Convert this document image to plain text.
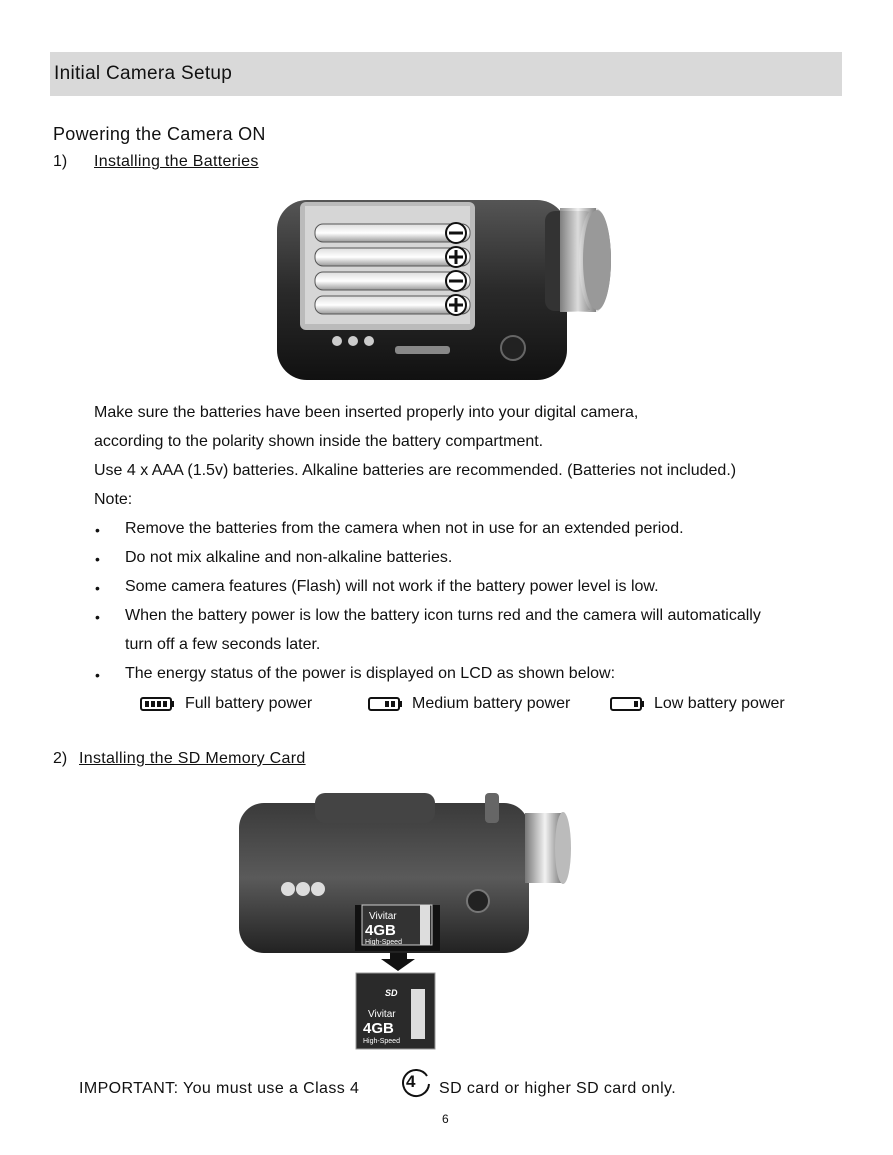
Initial Camera Setup
Powering the Camera ON
1) Installing the Batteries
Make sure the batteries have been inserted properly into your digital camera,
according to the polarity shown inside the battery compartment.
Use 4 x AAA (1.5v) batteries. Alkaline batteries are recommended. (Batteries not included.)
Note:
• Remove the batteries from the camera when not in use for an extended period.
• Do not mix alkaline and non-alkaline batteries.
• Some camera features (Flash) will not work if the battery power level is low.
• When the battery power is low the battery icon turns red and the camera will automatically
turn off a few seconds later.
• The energy status of the power is displayed on LCD as shown below:
Full battery power	Medium battery power	Low battery power
2) Installing the SD Memory Card
Vivitar
4GB
High-Speed
SD
Vivitar
4GB
High-Speed
IMPORTANT: You must use a Class 4	4 SD card or higher SD card only.
6
